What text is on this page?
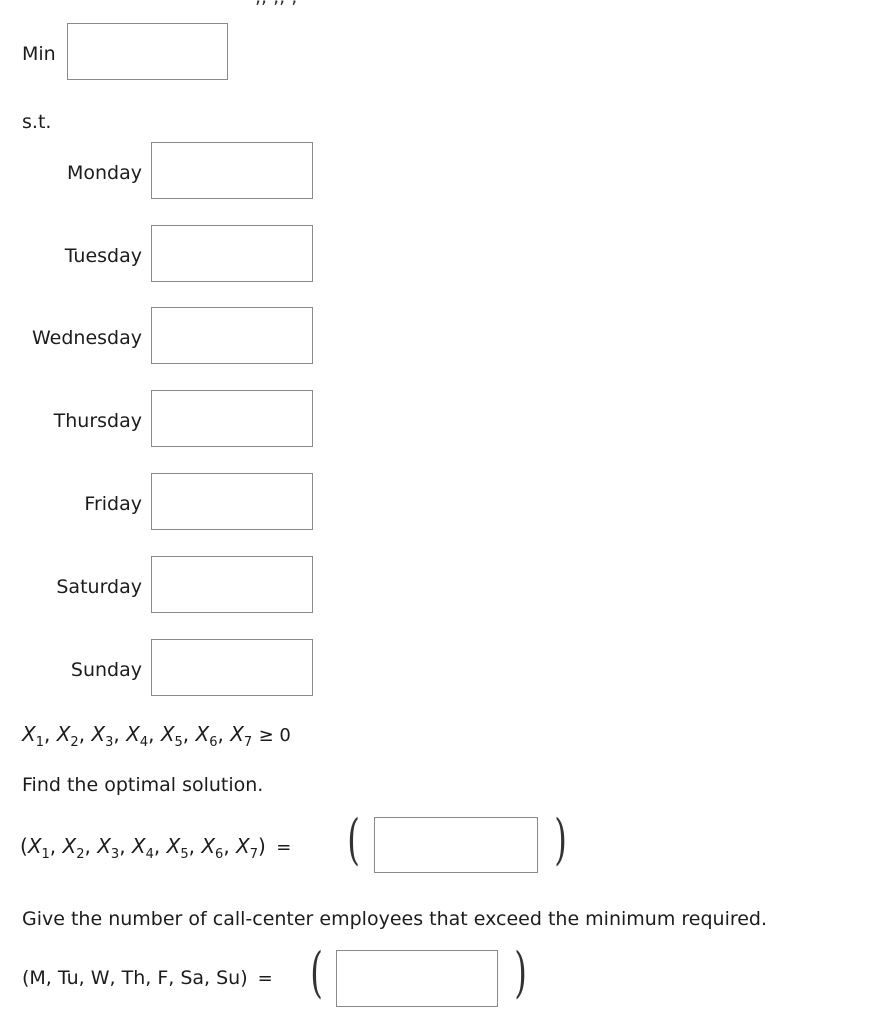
Min
s.t.
Monday
Tuesday
Wednesday
Thursday
Friday
Saturday
Sunday
$X_1$, $X_2$, $X_3$, $X_4$, $X_5$, $X_6$, $X_7 \ge 0$
Find the optimal solution.
($X_1$, $X_2$, $X_3$, $X_4$, $X_5$, $X_6$, $X_7$) = (	)
Give the number of call-center employees that exceed the minimum required.
(M, Tu, W, Th, F, Sa, Su) = (	)
